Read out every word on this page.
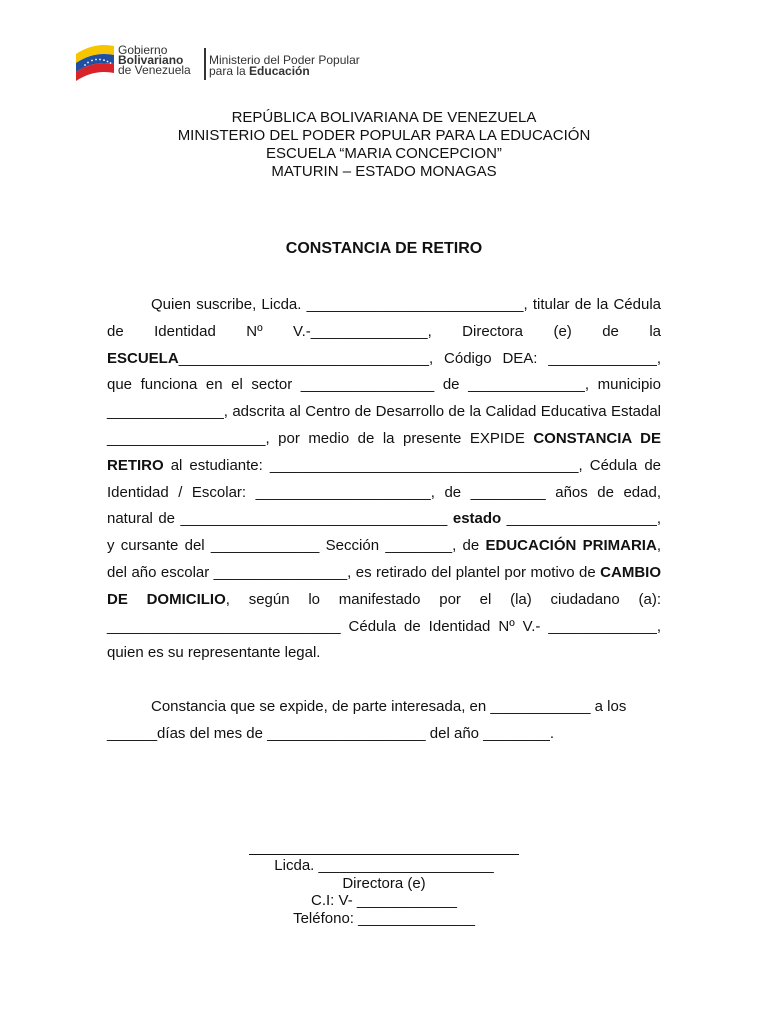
Gobierno
Bolivariano
de Venezuela
Ministerio del Poder Popular
para la Educación
REPÚBLICA BOLIVARIANA DE VENEZUELA
MINISTERIO DEL PODER POPULAR PARA LA EDUCACIÓN
ESCUELA “MARIA CONCEPCION”
MATURIN – ESTADO MONAGAS
CONSTANCIA DE RETIRO
Quien suscribe, Licda. __________________________, titular de la Cédula de Identidad Nº V.-______________, Directora (e) de la ESCUELA______________________________, Código DEA: _____________, que funciona en el sector ________________ de ______________, municipio ______________, adscrita al Centro de Desarrollo de la Calidad Educativa Estadal ___________________, por medio de la presente EXPIDE CONSTANCIA DE RETIRO al estudiante: _____________________________________, Cédula de Identidad / Escolar: _____________________, de _________ años de edad, natural de ________________________________ estado __________________, y cursante del _____________ Sección ________, de EDUCACIÓN PRIMARIA, del año escolar ________________, es retirado del plantel por motivo de CAMBIO DE DOMICILIO, según lo manifestado por el (la) ciudadano (a): ____________________________ Cédula de Identidad Nº V.- _____________, quien es su representante legal.
Constancia que se expide, de parte interesada, en ____________ a los
______días del mes de ___________________ del año ________.
Licda. _____________________
Directora (e)
C.I: V- ____________
Teléfono: ______________
